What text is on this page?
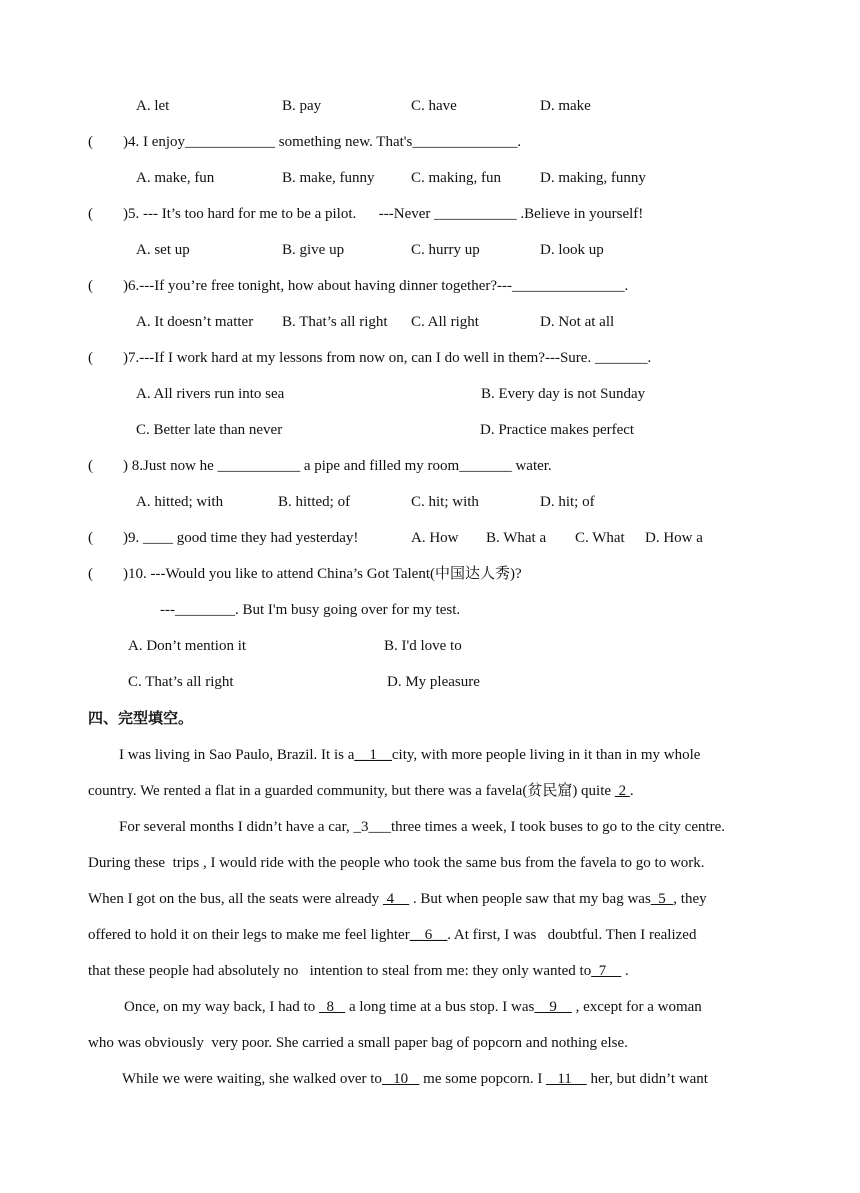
A. let	B. pay	C. have	D. make
(        )4. I enjoy____________ something new. That's______________.
A. make, fun	B. make, funny C. making, fun	D. making, funny
(        )5. --- It’s too hard for me to be a pilot.      ---Never ___________ .Believe in yourself!
A. set up	B. give up	C. hurry up	D. look up
(        )6.---If you’re free tonight, how about having dinner together?---_______________.
A. It doesn’t matter B. That’s all right C. All right	D. Not at all
(        )7.---If I work hard at my lessons from now on, can I do well in them?---Sure. _______.
A. All rivers run into sea	B. Every day is not Sunday
C. Better late than never	D. Practice makes perfect
(        ) 8.Just now he ___________ a pipe and filled my room_______ water.
A. hitted; with	B. hitted; of	C. hit; with	D. hit; of
(        )9. ____ good time they had yesterday!	A. How B. What a C. What D. How a
(        )10. ---Would you like to attend China’s Got Talent(中国达人秀)?
---________. But I'm busy going over for my test.
A. Don’t mention it	B. I'd love to
C. That’s all right	D. My pleasure
四、完型填空。
I was living in Sao Paulo, Brazil. It is a__1__city, with more people living in it than in my whole
country. We rented a flat in a guarded community, but there was a favela(贫民窟) quite  2 .
For several months I didn’t have a car, _3___three times a week, I took buses to go to the city centre.
During these  trips , I would ride with the people who took the same bus from the favela to go to work.
When I got on the bus, all the seats were already  4     . But when people saw that my bag was  5  , they
offered to hold it on their legs to make me feel lighter__6__. At first, I was   doubtful. Then I realized
that these people had absolutely no   intention to steal from me: they only wanted to  7     .
Once, on my way back, I had to   8    a long time at a bus stop. I was    9     , except for a woman
who was obviously  very poor. She carried a small paper bag of popcorn and nothing else.
While we were waiting, she walked over to   10    me some popcorn. I    11     her, but didn’t want
